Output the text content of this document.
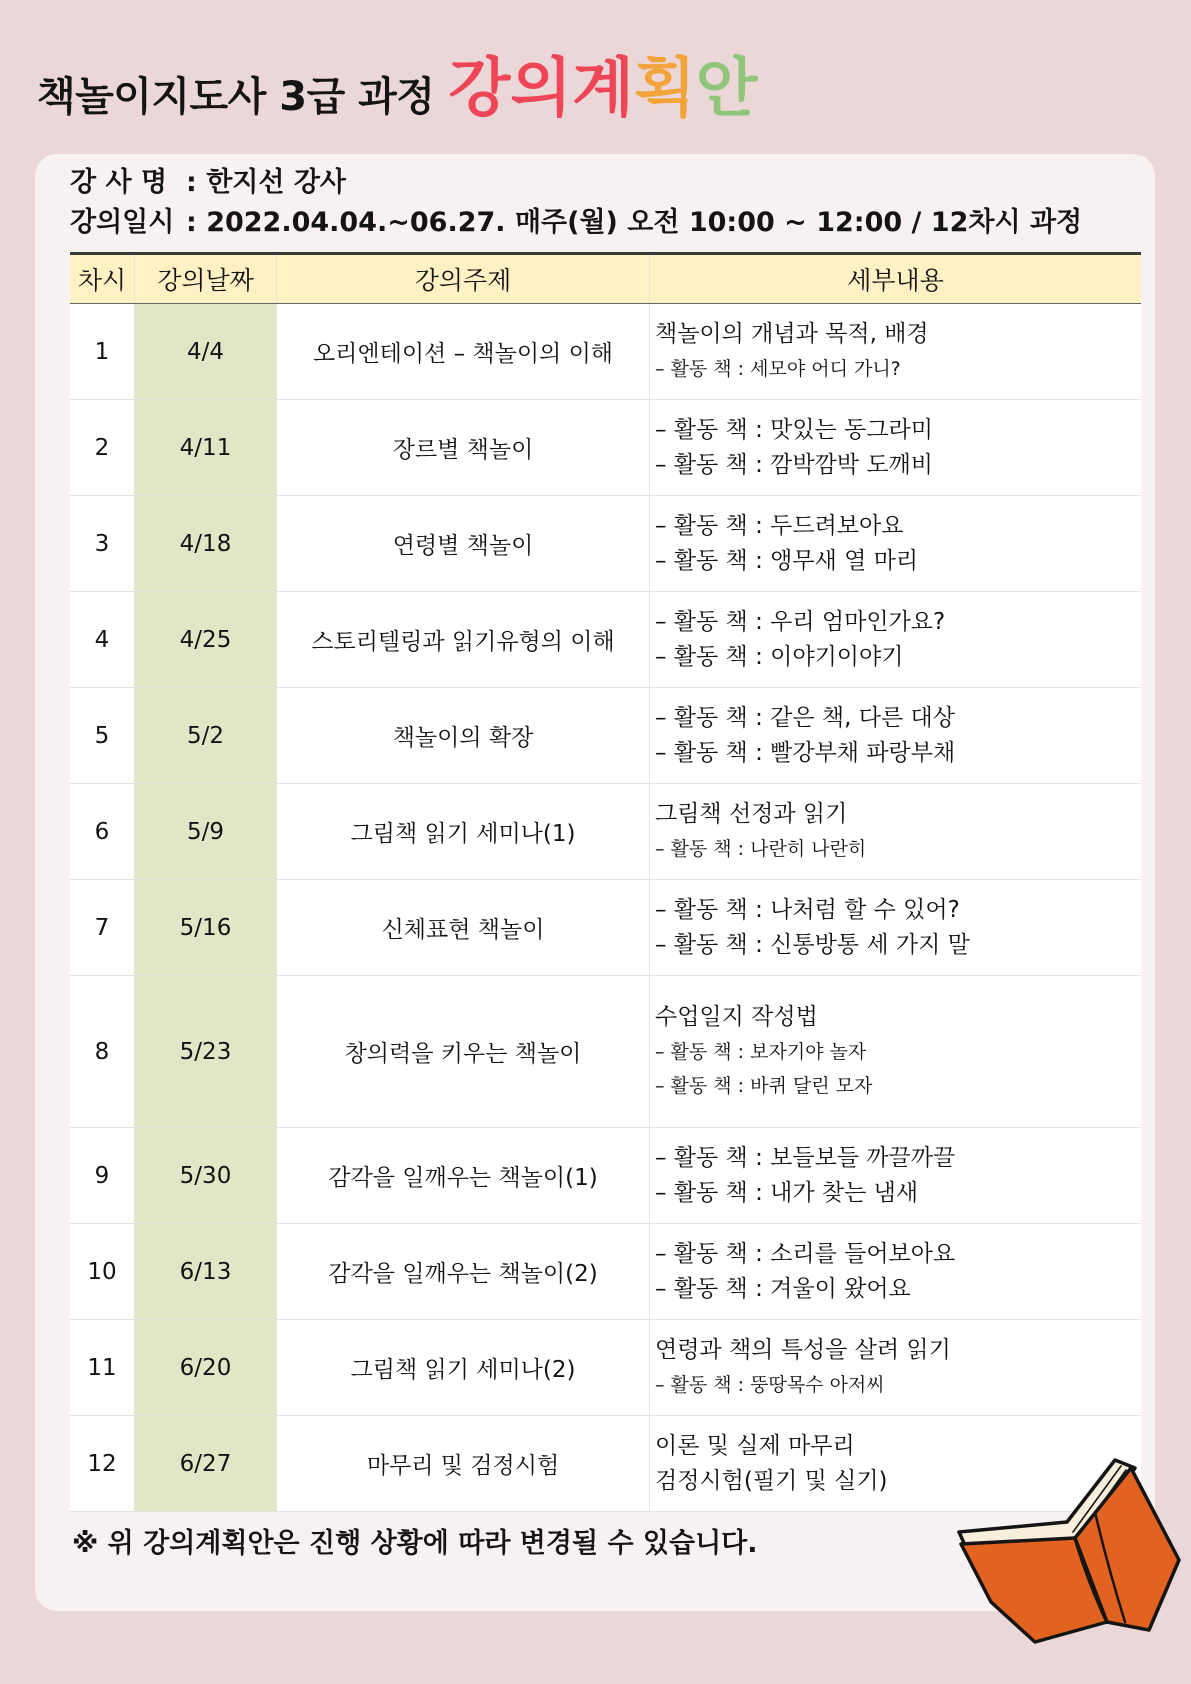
책놀이지도사 3급 과정 강 의 계 획 안
강 사 명 : 한지선 강사
강의일시 : 2022.04.04.~06.27. 매주(월) 오전 10:00 ~ 12:00 / 12차시 과정
차시	강의날짜	강의주제	세부내용
1	4/4	오리엔테이션 – 책놀이의 이해
책놀이의 개념과 목적, 배경
– 활동 책 : 세모야 어디 가니?
2	4/11	장르별 책놀이
– 활동 책 : 맛있는 동그라미
– 활동 책 : 깜박깜박 도깨비
3	4/18	연령별 책놀이
– 활동 책 : 두드려보아요
– 활동 책 : 앵무새 열 마리
4	4/25	스토리텔링과 읽기유형의 이해
– 활동 책 : 우리 엄마인가요?
– 활동 책 : 이야기이야기
5	5/2	책놀이의 확장
– 활동 책 : 같은 책, 다른 대상
– 활동 책 : 빨강부채 파랑부채
6	5/9	그림책 읽기 세미나(1)
그림책 선정과 읽기
– 활동 책 : 나란히 나란히
7	5/16	신체표현 책놀이
– 활동 책 : 나처럼 할 수 있어?
– 활동 책 : 신통방통 세 가지 말
8	5/23	창의력을 키우는 책놀이
수업일지 작성법
– 활동 책 : 보자기야 놀자
– 활동 책 : 바퀴 달린 모자
9	5/30	감각을 일깨우는 책놀이(1)
– 활동 책 : 보들보들 까끌까끌
– 활동 책 : 내가 찾는 냄새
10	6/13	감각을 일깨우는 책놀이(2)
– 활동 책 : 소리를 들어보아요
– 활동 책 : 겨울이 왔어요
11	6/20	그림책 읽기 세미나(2)
연령과 책의 특성을 살려 읽기
– 활동 책 : 뚱땅목수 아저씨
12	6/27	마무리 및 검정시험
이론 및 실제 마무리
검정시험(필기 및 실기)
※ 위 강의계획안은 진행 상황에 따라 변경될 수 있습니다.
